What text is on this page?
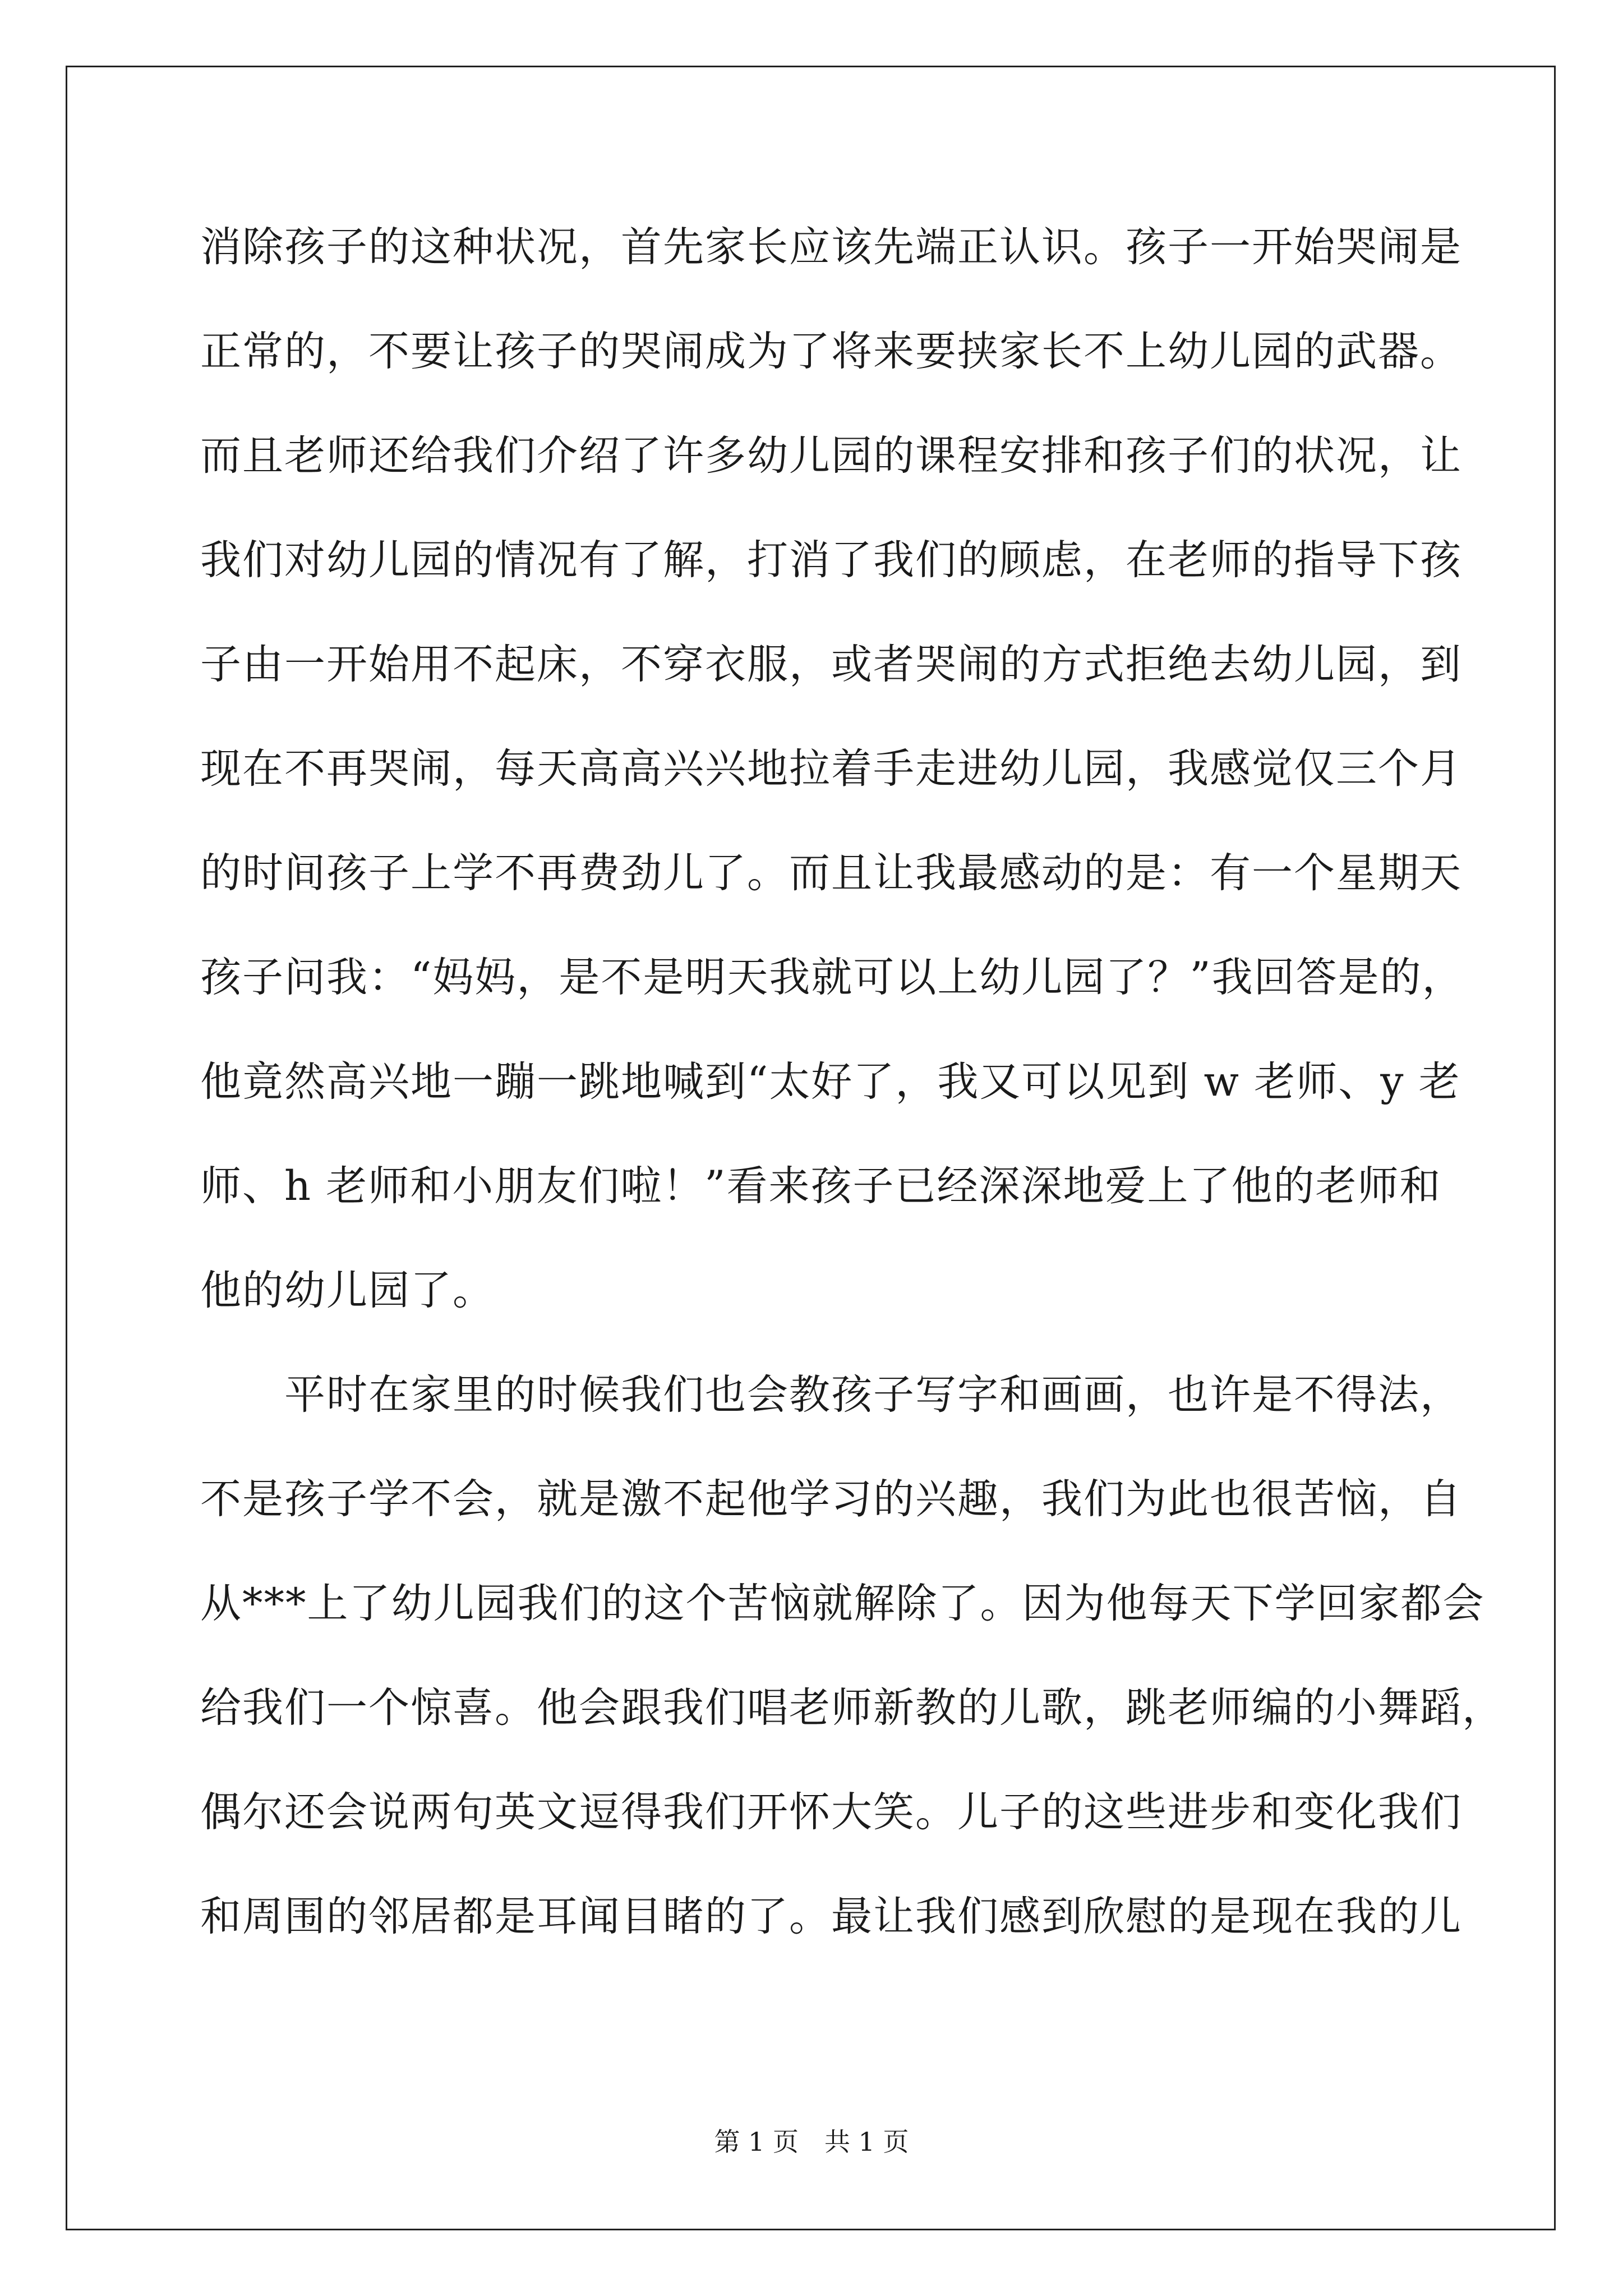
消除孩子的这种状况，首先家长应该先端正认识。孩子一开始哭闹是

正常的，不要让孩子的哭闹成为了将来要挟家长不上幼儿园的武器。

而且老师还给我们介绍了许多幼儿园的课程安排和孩子们的状况，让

我们对幼儿园的情况有了解，打消了我们的顾虑，在老师的指导下孩

子由一开始用不起床，不穿衣服，或者哭闹的方式拒绝去幼儿园，到

现在不再哭闹，每天高高兴兴地拉着手走进幼儿园，我感觉仅三个月

的时间孩子上学不再费劲儿了。而且让我最感动的是：有一个星期天

孩子问我：“妈妈，是不是明天我就可以上幼儿园了？”我回答是的，

他竟然高兴地一蹦一跳地喊到“太好了，我又可以见到 w 老师、y 老

师、h 老师和小朋友们啦！”看来孩子已经深深地爱上了他的老师和

他的幼儿园了。

　　平时在家里的时候我们也会教孩子写字和画画，也许是不得法，

不是孩子学不会，就是激不起他学习的兴趣，我们为此也很苦恼，自

从***上了幼儿园我们的这个苦恼就解除了。因为他每天下学回家都会

给我们一个惊喜。他会跟我们唱老师新教的儿歌，跳老师编的小舞蹈，

偶尔还会说两句英文逗得我们开怀大笑。儿子的这些进步和变化我们

和周围的邻居都是耳闻目睹的了。最让我们感到欣慰的是现在我的儿

第 1 页　共 1 页
